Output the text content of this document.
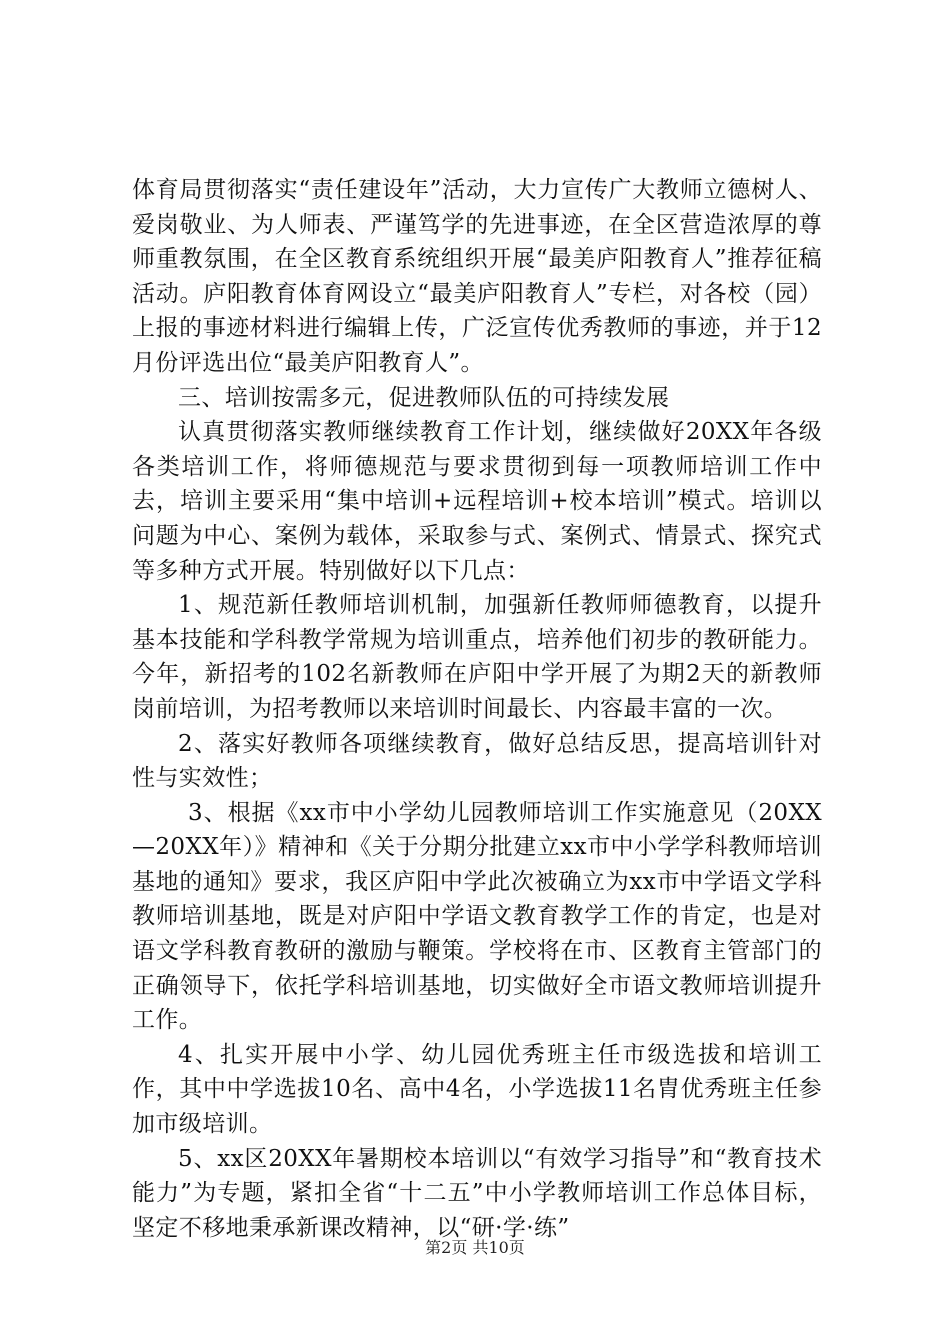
体育局贯彻落实“责任建设年”活动，大力宣传广大教师立德树人、爱岗敬业、为人师表、严谨笃学的先进事迹，在全区营造浓厚的尊师重教氛围，在全区教育系统组织开展“最美庐阳教育人”推荐征稿活动。庐阳教育体育网设立“最美庐阳教育人”专栏，对各校（园）上报的事迹材料进行编辑上传，广泛宣传优秀教师的事迹，并于12月份评选出位“最美庐阳教育人”。

三、培训按需多元，促进教师队伍的可持续发展

认真贯彻落实教师继续教育工作计划，继续做好20XX年各级各类培训工作，将师德规范与要求贯彻到每一项教师培训工作中去，培训主要采用“集中培训+远程培训+校本培训”模式。培训以问题为中心、案例为载体，采取参与式、案例式、情景式、探究式等多种方式开展。特别做好以下几点：

1、规范新任教师培训机制，加强新任教师师德教育，以提升基本技能和学科教学常规为培训重点，培养他们初步的教研能力。今年，新招考的102名新教师在庐阳中学开展了为期2天的新教师岗前培训，为招考教师以来培训时间最长、内容最丰富的一次。

2、落实好教师各项继续教育，做好总结反思，提高培训针对性与实效性；

3、根据《xx市中小学幼儿园教师培训工作实施意见（20XX—20XX年）》精神和《关于分期分批建立xx市中小学学科教师培训基地的通知》要求，我区庐阳中学此次被确立为xx市中学语文学科教师培训基地，既是对庐阳中学语文教育教学工作的肯定，也是对语文学科教育教研的激励与鞭策。学校将在市、区教育主管部门的正确领导下，依托学科培训基地，切实做好全市语文教师培训提升工作。

4、扎实开展中小学、幼儿园优秀班主任市级选拔和培训工作，其中中学选拔10名、高中4名，小学选拔11名胄优秀班主任参加市级培训。

5、xx区20XX年暑期校本培训以“有效学习指导”和“教育技术能力”为专题，紧扣全省“十二五”中小学教师培训工作总体目标，坚定不移地秉承新课改精神，以“研·学·练”

第2页 共10页
